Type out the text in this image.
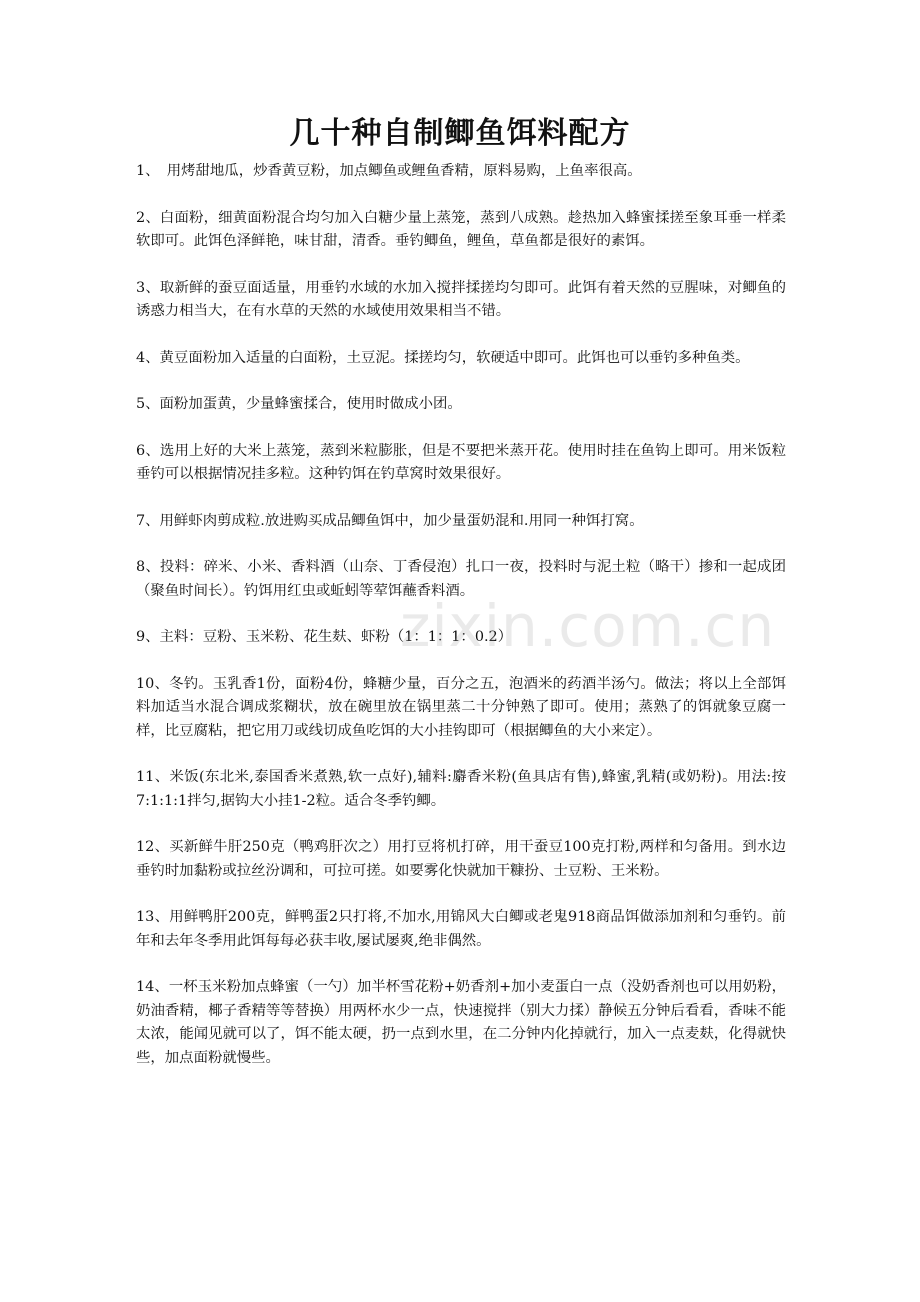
几十种自制鲫鱼饵料配方

1、　用烤甜地瓜，炒香黄豆粉，加点鲫鱼或鲤鱼香精，原料易购，上鱼率很高。

2、白面粉，细黄面粉混合均匀加入白糖少量上蒸笼，蒸到八成熟。趁热加入蜂蜜揉搓至象耳垂一样柔软即可。此饵色泽鲜艳，味甘甜，清香。垂钓鲫鱼，鲤鱼，草鱼都是很好的素饵。

3、取新鲜的蚕豆面适量，用垂钓水域的水加入搅拌揉搓均匀即可。此饵有着天然的豆腥味，对鲫鱼的诱惑力相当大，在有水草的天然的水域使用效果相当不错。

4、黄豆面粉加入适量的白面粉，土豆泥。揉搓均匀，软硬适中即可。此饵也可以垂钓多种鱼类。

5、面粉加蛋黄，少量蜂蜜揉合，使用时做成小团。

6、选用上好的大米上蒸笼，蒸到米粒膨胀，但是不要把米蒸开花。使用时挂在鱼钩上即可。用米饭粒垂钓可以根据情况挂多粒。这种钓饵在钓草窝时效果很好。

7、用鲜虾肉剪成粒.放进购买成品鲫鱼饵中，加少量蛋奶混和.用同一种饵打窝。

8、投料：碎米、小米、香料酒（山奈、丁香侵泡）扎口一夜，投料时与泥土粒（略干）掺和一起成团（聚鱼时间长）。钓饵用红虫或蚯蚓等荤饵蘸香料酒。

9、主料：豆粉、玉米粉、花生麸、虾粉（1：1：1：0.2）

10、冬钓。玉乳香1份，面粉4份，蜂糖少量，百分之五，泡酒米的药酒半汤勺。做法；将以上全部饵料加适当水混合调成浆糊状，放在碗里放在锅里蒸二十分钟熟了即可。使用；蒸熟了的饵就象豆腐一样，比豆腐粘，把它用刀或线切成鱼吃饵的大小挂钩即可（根据鲫鱼的大小来定）。

11、米饭(东北米,泰国香米煮熟,软一点好),辅料:麝香米粉(鱼具店有售),蜂蜜,乳精(或奶粉)。用法:按7:1:1:1拌匀,据钩大小挂1-2粒。适合冬季钓鲫。

12、买新鲜牛肝250克（鸭鸡肝次之）用打豆将机打碎，用干蚕豆100克打粉,两样和匀备用。到水边垂钓时加黏粉或拉丝汾调和，可拉可搓。如要雾化快就加干糠扮、士豆粉、王米粉。

13、用鲜鸭肝200克，鲜鸭蛋2只打将,不加水,用锦风大白鲫或老鬼918商品饵做添加剂和匀垂钓。前年和去年冬季用此饵每每必获丰收,屡试屡爽,绝非偶然。

14、一杯玉米粉加点蜂蜜（一勺）加半杯雪花粉+奶香剂+加小麦蛋白一点（没奶香剂也可以用奶粉，奶油香精，椰子香精等等替换）用两杯水少一点，快速搅拌（别大力揉）静候五分钟后看看，香味不能太浓，能闻见就可以了，饵不能太硬，扔一点到水里，在二分钟内化掉就行，加入一点麦麸，化得就快些，加点面粉就慢些。

zixin.com.cn
